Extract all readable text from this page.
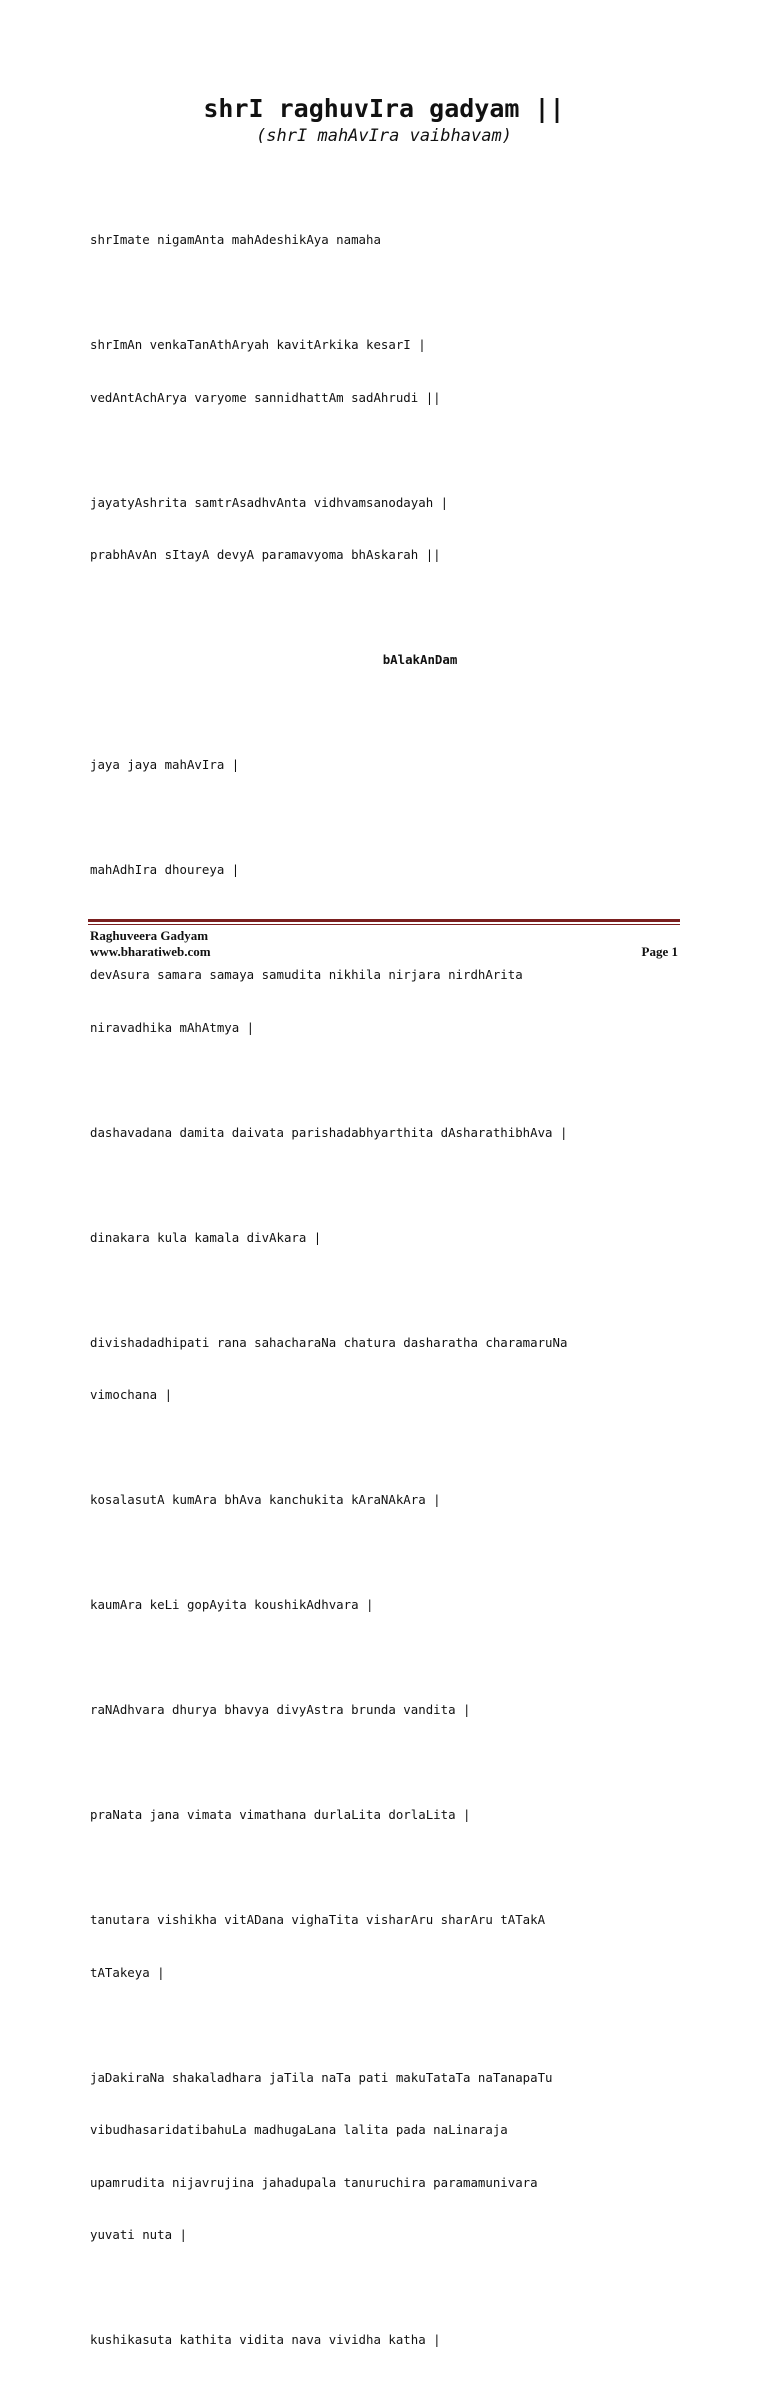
shrI raghuvIra gadyam ||
(shrI mahAvIra vaibhavam)

shrImate nigamAnta mahAdeshikAya namaha

shrImAn venkaTanAthAryah kavitArkika kesarI |

vedAntAchArya varyome sannidhattAm sadAhrudi ||

jayatyAshrita samtrAsadhvAnta vidhvamsanodayah |

prabhAvAn sItayA devyA paramavyoma bhAskarah ||

bAlakAnDam

jaya jaya mahAvIra |

mahAdhIra dhoureya |

devAsura samara samaya samudita nikhila nirjara nirdhArita

niravadhika mAhAtmya |

dashavadana damita daivata parishadabhyarthita dAsharathibhAva |

dinakara kula kamala divAkara |

divishadadhipati rana sahacharaNa chatura dasharatha charamaruNa

vimochana |

kosalasutA kumAra bhAva kanchukita kAraNAkAra |

kaumAra keLi gopAyita koushikAdhvara |

raNAdhvara dhurya bhavya divyAstra brunda vandita |

praNata jana vimata vimathana durlaLita dorlaLita |

tanutara vishikha vitADana vighaTita visharAru sharAru tATakA

tATakeya |

jaDakiraNa shakaladhara jaTila naTa pati makuTataTa naTanapaTu

vibudhasaridatibahuLa madhugaLana lalita pada naLinaraja

upamrudita nijavrujina jahadupala tanuruchira paramamunivara

yuvati nuta |

kushikasuta kathita vidita nava vividha katha |

Raghuveera Gadyam
www.bharatiweb.com	Page 1
